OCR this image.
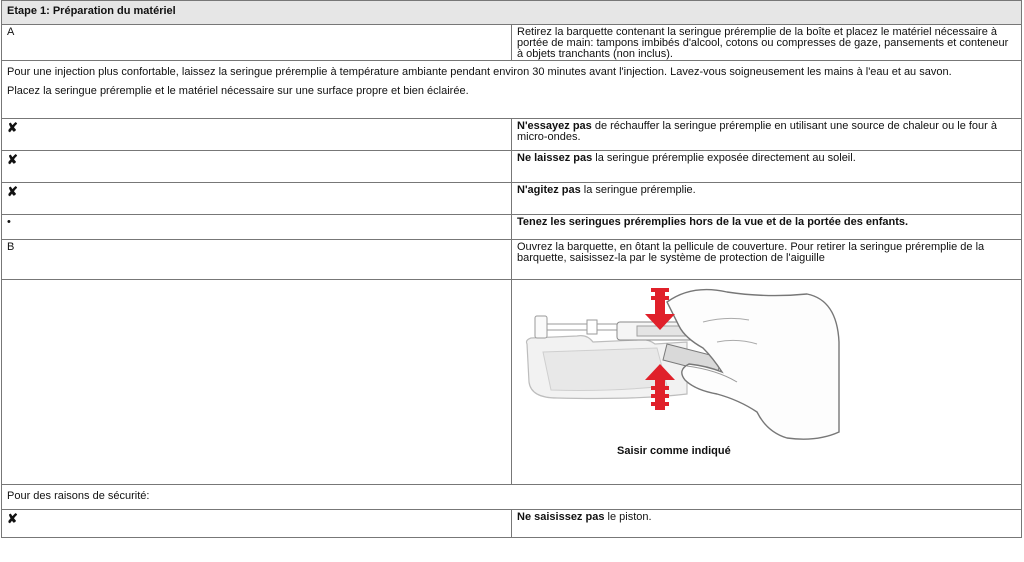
Etape 1: Préparation du matériel	
A	Retirez la barquette contenant la seringue préremplie de la boîte et placez le matériel nécessaire à portée de main: tampons imbibés d'alcool, cotons ou compresses de gaze, pansements et conteneur à objets tranchants (non inclus).

Pour une injection plus confortable, laissez la seringue préremplie à température ambiante pendant environ 30 minutes avant l'injection. Lavez-vous soigneusement les mains à l'eau et au savon.

Placez la seringue préremplie et le matériel nécessaire sur une surface propre et bien éclairée.	

✘	N'essayez pas de réchauffer la seringue préremplie en utilisant une source de chaleur ou le four à micro-ondes.
✘	Ne laissez pas la seringue préremplie exposée directement au soleil.
✘	N'agitez pas la seringue préremplie.
•	Tenez les seringues préremplies hors de la vue et de la portée des enfants.
B	Ouvrez la barquette, en ôtant la pellicule de couverture. Pour retirer la seringue préremplie de la barquette, saisissez-la par le système de protection de l'aiguille

	Saisir comme indiqué

Pour des raisons de sécurité:	
✘	Ne saisissez pas le piston.
